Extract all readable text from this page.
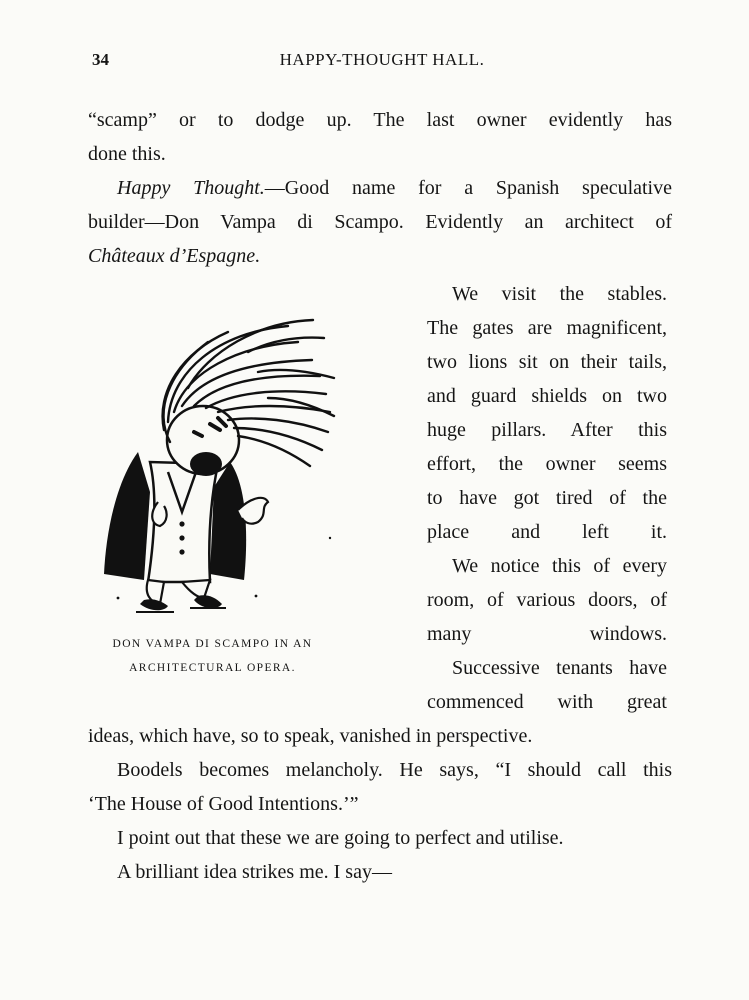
34	HAPPY-THOUGHT HALL.
“scamp” or to dodge up. The last owner evidently has
done this.
Happy Thought.—Good name for a Spanish speculative
builder—Don Vampa di Scampo. Evidently an architect of
Châteaux d’Espagne.
DON VAMPA DI SCAMPO IN AN
ARCHITECTURAL OPERA.
We visit the stables.
The gates are magnificent,
two lions sit on their tails,
and guard shields on two
huge pillars. After this
effort, the owner seems
to have got tired of the
place and left it.
We notice this of every
room, of various doors, of
many windows.
Successive tenants have
commenced with great
ideas, which have, so to speak, vanished in perspective.
Boodels becomes melancholy. He says, “I should call this
‘The House of Good Intentions.’”
I point out that these we are going to perfect and utilise.
A brilliant idea strikes me. I say—
